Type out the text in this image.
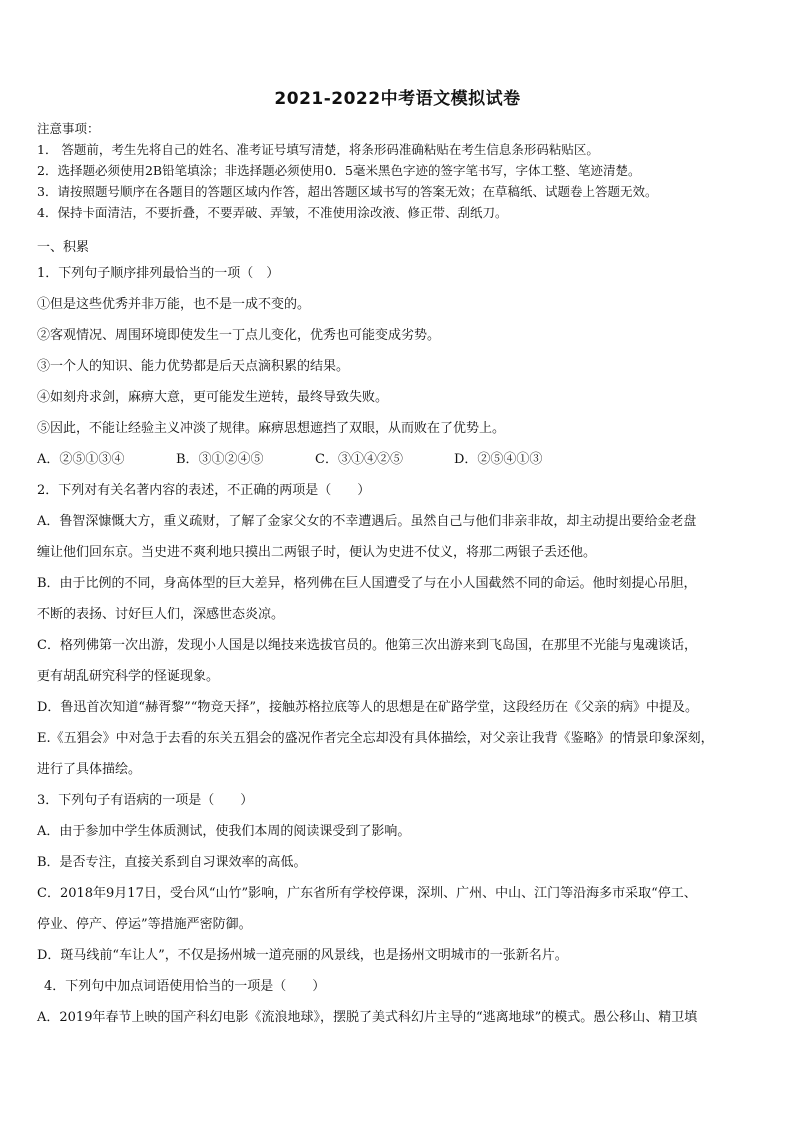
2021-2022中考语文模拟试卷

注意事项：

1． 答题前，考生先将自己的姓名、准考证号填写清楚，将条形码准确粘贴在考生信息条形码粘贴区。

2．选择题必须使用2B铅笔填涂；非选择题必须使用0．5毫米黑色字迹的签字笔书写，字体工整、笔迹清楚。

3．请按照题号顺序在各题目的答题区域内作答，超出答题区域书写的答案无效；在草稿纸、试题卷上答题无效。

4．保持卡面清洁，不要折叠，不要弄破、弄皱，不准使用涂改液、修正带、刮纸刀。

一、积累

1．下列句子顺序排列最恰当的一项（　）

①但是这些优秀并非万能，也不是一成不变的。

②客观情况、周围环境即使发生一丁点儿变化，优秀也可能变成劣势。

③一个人的知识、能力优势都是后天点滴积累的结果。

④如刻舟求剑，麻痹大意，更可能发生逆转，最终导致失败。

⑤因此，不能让经验主义冲淡了规律。麻痹思想遮挡了双眼，从而败在了优势上。

A．②⑤①③④	B．③①②④⑤	C．③①④②⑤	D．②⑤④①③

2．下列对有关名著内容的表述，不正确的两项是（　　）

A．鲁智深慷慨大方，重义疏财，了解了金家父女的不幸遭遇后。虽然自己与他们非亲非故，却主动提出要给金老盘

缠让他们回东京。当史进不爽利地只摸出二两银子时，便认为史进不仗义，将那二两银子丢还他。

B．由于比例的不同，身高体型的巨大差异，格列佛在巨人国遭受了与在小人国截然不同的命运。他时刻提心吊胆，

不断的表扬、讨好巨人们，深感世态炎凉。

C．格列佛第一次出游，发现小人国是以绳技来选拔官员的。他第三次出游来到飞岛国，在那里不光能与鬼魂谈话，

更有胡乱研究科学的怪诞现象。

D．鲁迅首次知道“赫胥黎”“物竞天择”，接触苏格拉底等人的思想是在矿路学堂，这段经历在《父亲的病》中提及。

E.《五猖会》中对急于去看的东关五猖会的盛况作者完全忘却没有具体描绘，对父亲让我背《鉴略》的情景印象深刻，

进行了具体描绘。

3．下列句子有语病的一项是（　　）

A．由于参加中学生体质测试，使我们本周的阅读课受到了影响。

B．是否专注，直接关系到自习课效率的高低。

C．2018年9月17日，受台风“山竹”影响，广东省所有学校停课，深圳、广州、中山、江门等沿海多市采取“停工、

停业、停产、停运”等措施严密防御。

D．斑马线前“车让人”，不仅是扬州城一道亮丽的风景线，也是扬州文明城市的一张新名片。

4．下列句中加点词语使用恰当的一项是（　　）

A．2019年春节上映的国产科幻电影《流浪地球》，摆脱了美式科幻片主导的“逃离地球”的模式。愚公移山、精卫填
